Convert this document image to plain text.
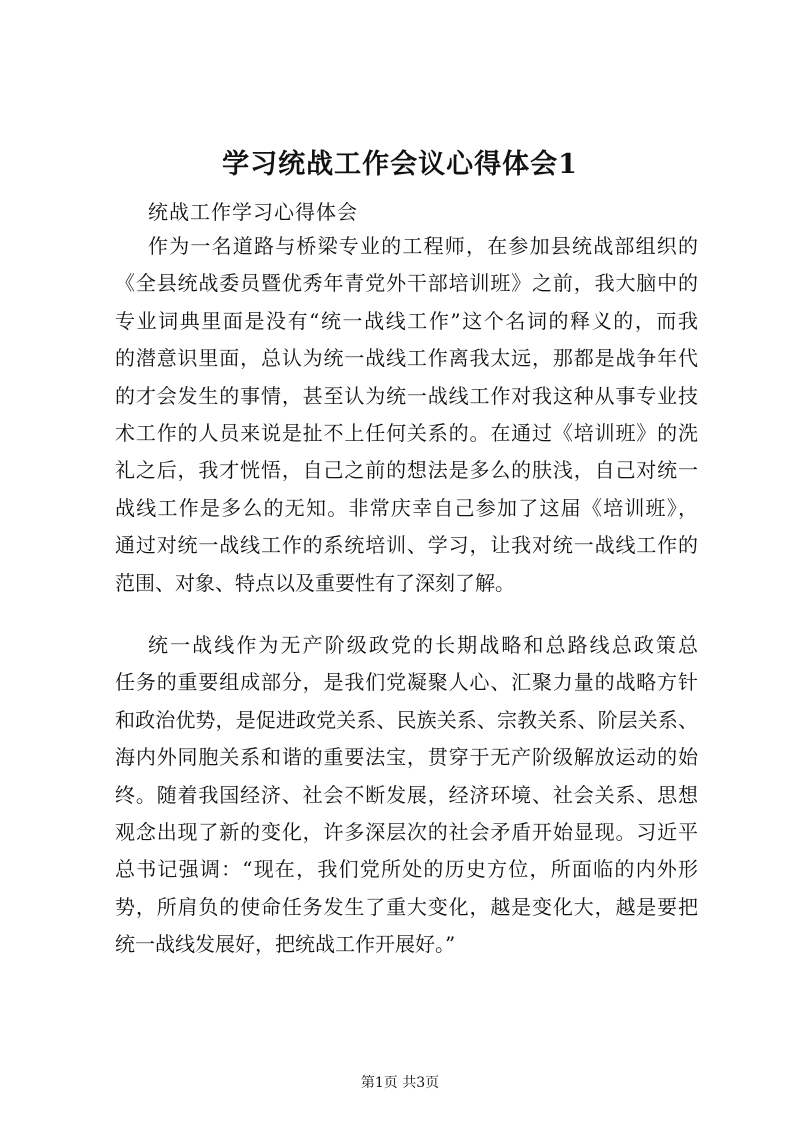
学习统战工作会议心得体会1
统战工作学习心得体会
作为一名道路与桥梁专业的工程师，在参加县统战部组织的
《全县统战委员暨优秀年青党外干部培训班》之前，我大脑中的
专业词典里面是没有“统一战线工作”这个名词的释义的，而我
的潜意识里面，总认为统一战线工作离我太远，那都是战争年代
的才会发生的事情，甚至认为统一战线工作对我这种从事专业技
术工作的人员来说是扯不上任何关系的。在通过《培训班》的洗
礼之后，我才恍悟，自己之前的想法是多么的肤浅，自己对统一
战线工作是多么的无知。非常庆幸自己参加了这届《培训班》，
通过对统一战线工作的系统培训、学习，让我对统一战线工作的
范围、对象、特点以及重要性有了深刻了解。
统一战线作为无产阶级政党的长期战略和总路线总政策总
任务的重要组成部分，是我们党凝聚人心、汇聚力量的战略方针
和政治优势，是促进政党关系、民族关系、宗教关系、阶层关系、
海内外同胞关系和谐的重要法宝，贯穿于无产阶级解放运动的始
终。随着我国经济、社会不断发展，经济环境、社会关系、思想
观念出现了新的变化，许多深层次的社会矛盾开始显现。习近平
总书记强调：“现在，我们党所处的历史方位，所面临的内外形
势，所肩负的使命任务发生了重大变化，越是变化大，越是要把
统一战线发展好，把统战工作开展好。”
第1页 共3页
